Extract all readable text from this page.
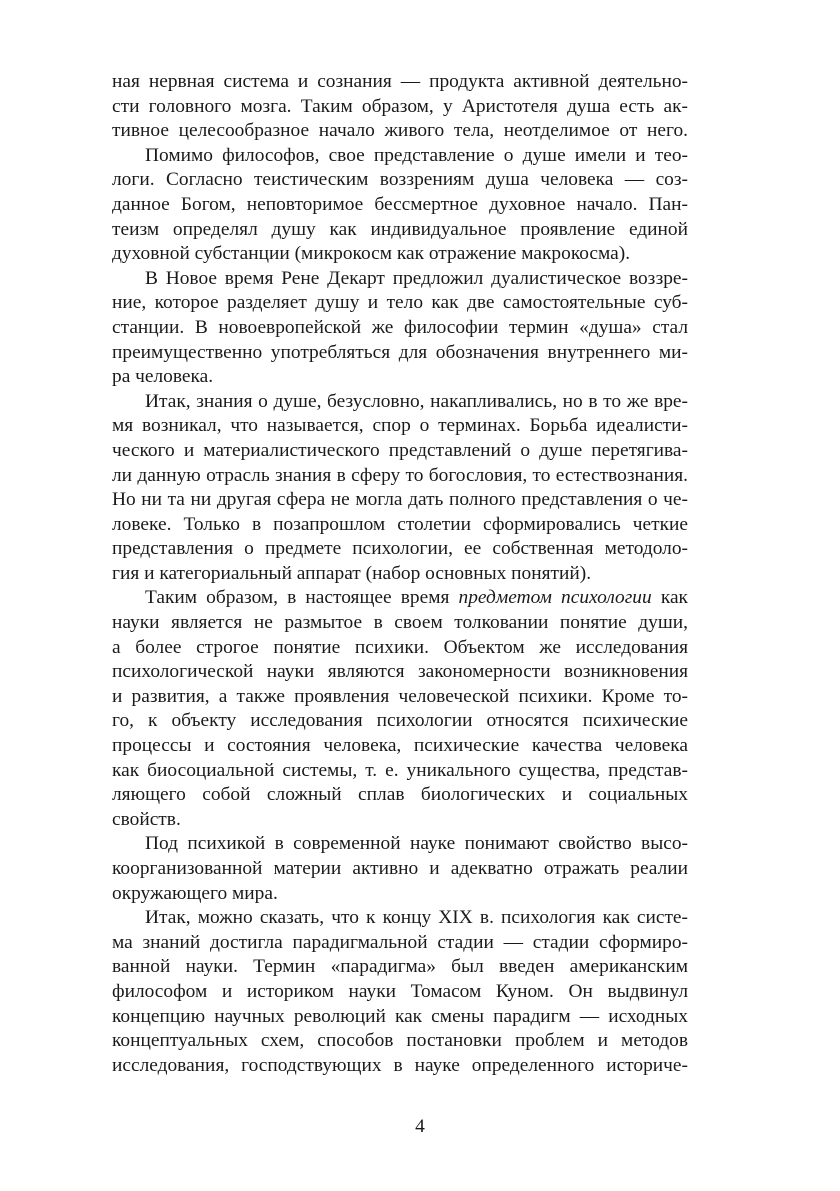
ная нервная система и сознания — продукта активной деятельно-
сти головного мозга. Таким образом, у Аристотеля душа есть ак-
тивное целесообразное начало живого тела, неотделимое от него.
Помимо философов, свое представление о душе имели и тео-
логи. Согласно теистическим воззрениям душа человека — соз-
данное Богом, неповторимое бессмертное духовное начало. Пан-
теизм определял душу как индивидуальное проявление единой
духовной субстанции (микрокосм как отражение макрокосма).
В Новое время Рене Декарт предложил дуалистическое воззре-
ние, которое разделяет душу и тело как две самостоятельные суб-
станции. В новоевропейской же философии термин «душа» стал
преимущественно употребляться для обозначения внутреннего ми-
ра человека.
Итак, знания о душе, безусловно, накапливались, но в то же вре-
мя возникал, что называется, спор о терминах. Борьба идеалисти-
ческого и материалистического представлений о душе перетягива-
ли данную отрасль знания в сферу то богословия, то естествознания.
Но ни та ни другая сфера не могла дать полного представления о че-
ловеке. Только в позапрошлом столетии сформировались четкие
представления о предмете психологии, ее собственная методоло-
гия и категориальный аппарат (набор основных понятий).
Таким образом, в настоящее время предметом психологии как
науки является не размытое в своем толковании понятие души,
а более строгое понятие психики. Объектом же исследования
психологической науки являются закономерности возникновения
и развития, а также проявления человеческой психики. Кроме то-
го, к объекту исследования психологии относятся психические
процессы и состояния человека, психические качества человека
как биосоциальной системы, т. е. уникального существа, представ-
ляющего собой сложный сплав биологических и социальных
свойств.
Под психикой в современной науке понимают свойство высо-
коорганизованной материи активно и адекватно отражать реалии
окружающего мира.
Итак, можно сказать, что к концу XIX в. психология как систе-
ма знаний достигла парадигмальной стадии — стадии сформиро-
ванной науки. Термин «парадигма» был введен американским
философом и историком науки Томасом Куном. Он выдвинул
концепцию научных революций как смены парадигм — исходных
концептуальных схем, способов постановки проблем и методов
исследования, господствующих в науке определенного историче-
4
